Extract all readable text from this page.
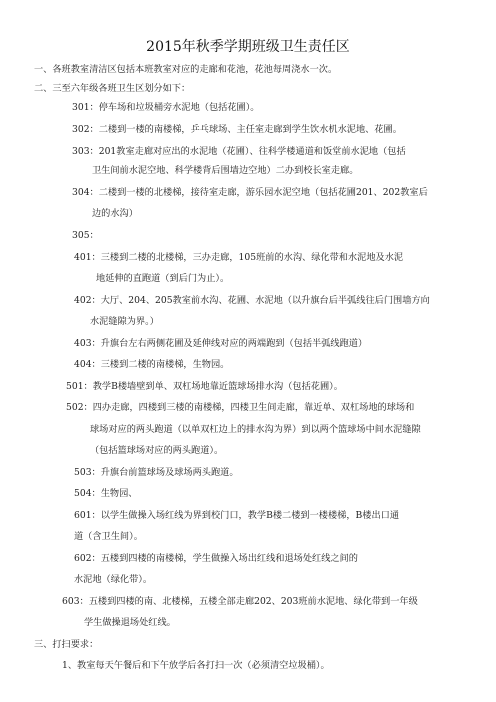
2015年秋季学期班级卫生责任区
一、各班教室清洁区包括本班教室对应的走廊和花池，花池每周浇水一次。
二、三至六年级各班卫生区划分如下：
301：停车场和垃圾桶旁水泥地（包括花圃）。
302：二楼到一楼的南楼梯，乒乓球场、主任室走廊到学生饮水机水泥地、花圃。
303：201教室走廊对应出的水泥地（花圃）、往科学楼通道和饭堂前水泥地（包括
卫生间前水泥空地、科学楼背后围墙边空地）二办到校长室走廊。
304：二楼到一楼的北楼梯，接待室走廊，游乐园水泥空地（包括花圃201、202教室后
边的水沟）
305：
401：三楼到二楼的北楼梯，三办走廊，105班前的水沟、绿化带和水泥地及水泥
地延伸的直跑道（到后门为止）。
402：大厅、204、205教室前水沟、花圃、水泥地（以升旗台后半弧线往后门围墙方向
水泥缝隙为界。）
403：升旗台左右两侧花圃及延伸线对应的两端跑到（包括半弧线跑道）
404：三楼到二楼的南楼梯，生物园。
501：教学B楼墙壁到单、双杠场地靠近篮球场排水沟（包括花圃）。
502：四办走廊，四楼到三楼的南楼梯，四楼卫生间走廊，靠近单、双杠场地的球场和
球场对应的两头跑道（以单双杠边上的排水沟为界）到以两个篮球场中间水泥缝隙
（包括篮球场对应的两头跑道）。
503：升旗台前篮球场及球场两头跑道。
504：生物园、
601：以学生做操入场红线为界到校门口，教学B楼二楼到一楼楼梯，B楼出口通
道（含卫生间）。
602：五楼到四楼的南楼梯，学生做操入场出红线和退场处红线之间的
水泥地（绿化带）。
603：五楼到四楼的南、北楼梯，五楼全部走廊202、203班前水泥地、绿化带到一年级
学生做操退场处红线。
三、打扫要求：
1、教室每天午餐后和下午放学后各打扫一次（必须清空垃圾桶）。
